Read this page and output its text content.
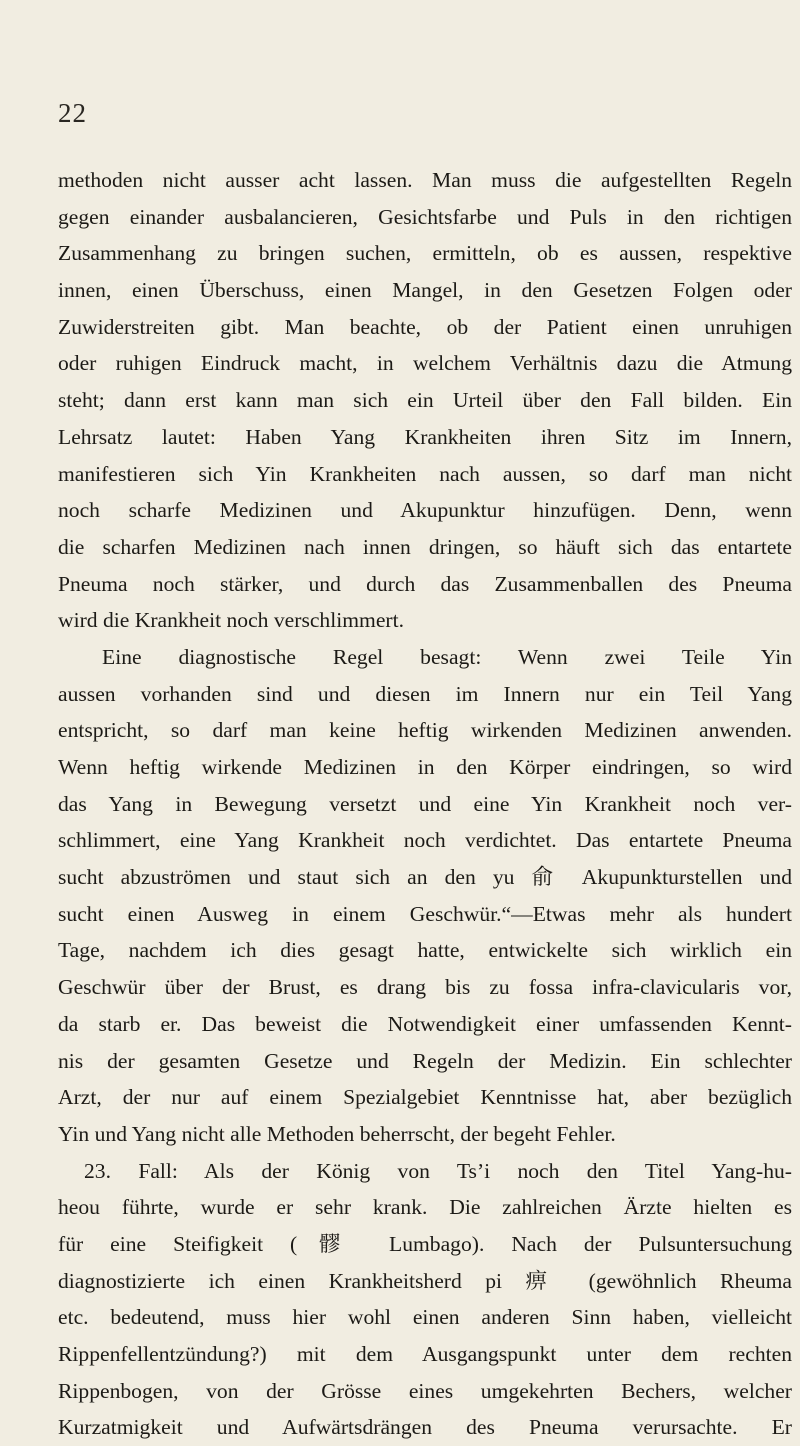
22
methoden nicht ausser acht lassen. Man muss die aufgestellten Regeln
gegen einander ausbalancieren, Gesichtsfarbe und Puls in den richtigen
Zusammenhang zu bringen suchen, ermitteln, ob es aussen, respektive
innen, einen Überschuss, einen Mangel, in den Gesetzen Folgen oder
Zuwiderstreiten gibt. Man beachte, ob der Patient einen unruhigen
oder ruhigen Eindruck macht, in welchem Verhältnis dazu die Atmung
steht; dann erst kann man sich ein Urteil über den Fall bilden. Ein
Lehrsatz lautet: Haben Yang Krankheiten ihren Sitz im Innern,
manifestieren sich Yin Krankheiten nach aussen, so darf man nicht
noch scharfe Medizinen und Akupunktur hinzufügen. Denn, wenn
die scharfen Medizinen nach innen dringen, so häuft sich das entartete
Pneuma noch stärker, und durch das Zusammenballen des Pneuma
wird die Krankheit noch verschlimmert.
Eine diagnostische Regel besagt: Wenn zwei Teile Yin
aussen vorhanden sind und diesen im Innern nur ein Teil Yang
entspricht, so darf man keine heftig wirkenden Medizinen anwenden.
Wenn heftig wirkende Medizinen in den Körper eindringen, so wird
das Yang in Bewegung versetzt und eine Yin Krankheit noch ver-
schlimmert, eine Yang Krankheit noch verdichtet. Das entartete Pneuma
sucht abzuströmen und staut sich an den yu 俞 Akupunkturstellen und
sucht einen Ausweg in einem Geschwür.“—Etwas mehr als hundert
Tage, nachdem ich dies gesagt hatte, entwickelte sich wirklich ein
Geschwür über der Brust, es drang bis zu fossa infra-clavicularis vor,
da starb er. Das beweist die Notwendigkeit einer umfassenden Kennt-
nis der gesamten Gesetze und Regeln der Medizin. Ein schlechter
Arzt, der nur auf einem Spezialgebiet Kenntnisse hat, aber bezüglich
Yin und Yang nicht alle Methoden beherrscht, der begeht Fehler.
23. Fall: Als der König von Ts’i noch den Titel Yang-hu-
heou führte, wurde er sehr krank. Die zahlreichen Ärzte hielten es
für eine Steifigkeit (髎 Lumbago). Nach der Pulsuntersuchung
diagnostizierte ich einen Krankheitsherd pi 痹 (gewöhnlich Rheuma
etc. bedeutend, muss hier wohl einen anderen Sinn haben, vielleicht
Rippenfellentzündung?) mit dem Ausgangspunkt unter dem rechten
Rippenbogen, von der Grösse eines umgekehrten Bechers, welcher
Kurzatmigkeit und Aufwärtsdrängen des Pneuma verursachte. Er
